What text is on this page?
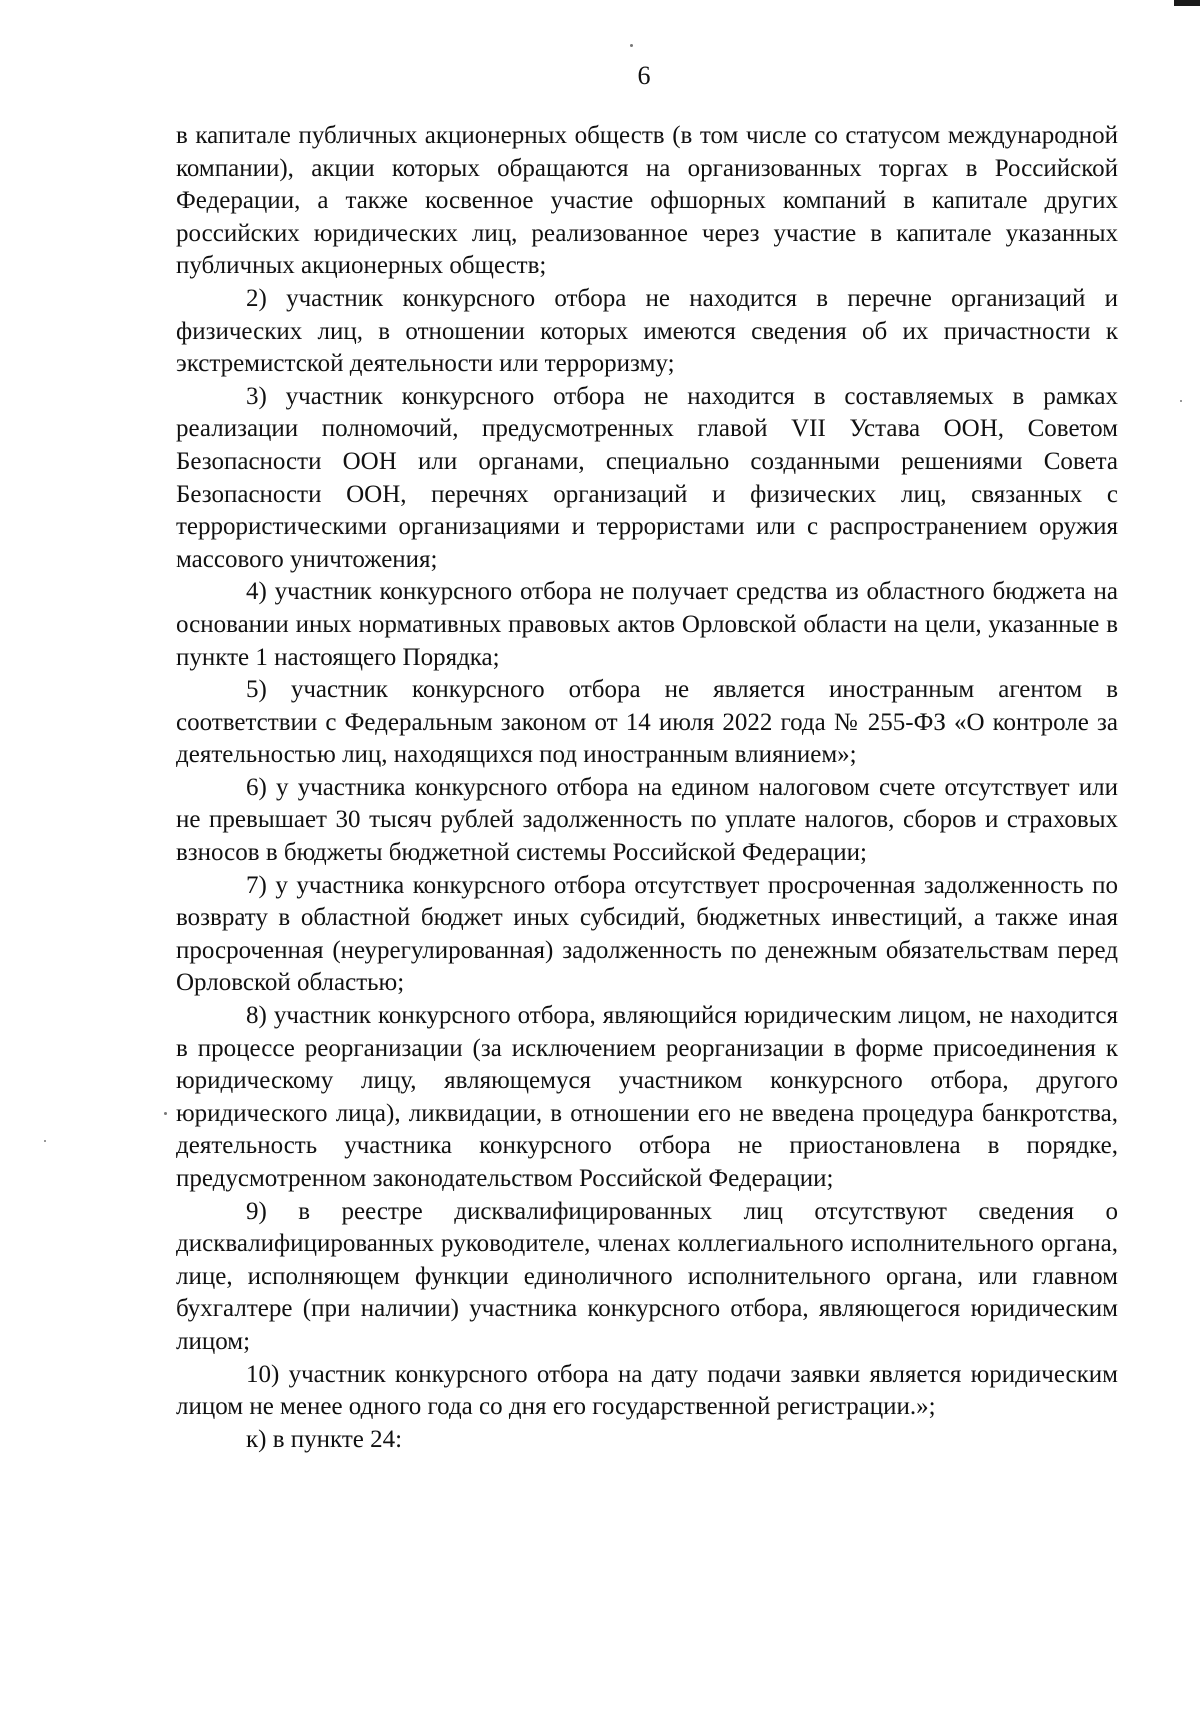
6

в капитале публичных акционерных обществ (в том числе со статусом международной компании), акции которых обращаются на организованных торгах в Российской Федерации, а также косвенное участие офшорных компаний в капитале других российских юридических лиц, реализованное через участие в капитале указанных публичных акционерных обществ;

2) участник конкурсного отбора не находится в перечне организаций и физических лиц, в отношении которых имеются сведения об их причастности к экстремистской деятельности или терроризму;

3) участник конкурсного отбора не находится в составляемых в рамках реализации полномочий, предусмотренных главой VII Устава ООН, Советом Безопасности ООН или органами, специально созданными решениями Совета Безопасности ООН, перечнях организаций и физических лиц, связанных с террористическими организациями и террористами или с распространением оружия массового уничтожения;

4) участник конкурсного отбора не получает средства из областного бюджета на основании иных нормативных правовых актов Орловской области на цели, указанные в пункте 1 настоящего Порядка;

5) участник конкурсного отбора не является иностранным агентом в соответствии с Федеральным законом от 14 июля 2022 года № 255-ФЗ «О контроле за деятельностью лиц, находящихся под иностранным влиянием»;

6) у участника конкурсного отбора на едином налоговом счете отсутствует или не превышает 30 тысяч рублей задолженность по уплате налогов, сборов и страховых взносов в бюджеты бюджетной системы Российской Федерации;

7) у участника конкурсного отбора отсутствует просроченная задолженность по возврату в областной бюджет иных субсидий, бюджетных инвестиций, а также иная просроченная (неурегулированная) задолженность по денежным обязательствам перед Орловской областью;

8) участник конкурсного отбора, являющийся юридическим лицом, не находится в процессе реорганизации (за исключением реорганизации в форме присоединения к юридическому лицу, являющемуся участником конкурсного отбора, другого юридического лица), ликвидации, в отношении его не введена процедура банкротства, деятельность участника конкурсного отбора не приостановлена в порядке, предусмотренном законодательством Российской Федерации;

9) в реестре дисквалифицированных лиц отсутствуют сведения о дисквалифицированных руководителе, членах коллегиального исполнительного органа, лице, исполняющем функции единоличного исполнительного органа, или главном бухгалтере (при наличии) участника конкурсного отбора, являющегося юридическим лицом;

10) участник конкурсного отбора на дату подачи заявки является юридическим лицом не менее одного года со дня его государственной регистрации.»;

к) в пункте 24:
